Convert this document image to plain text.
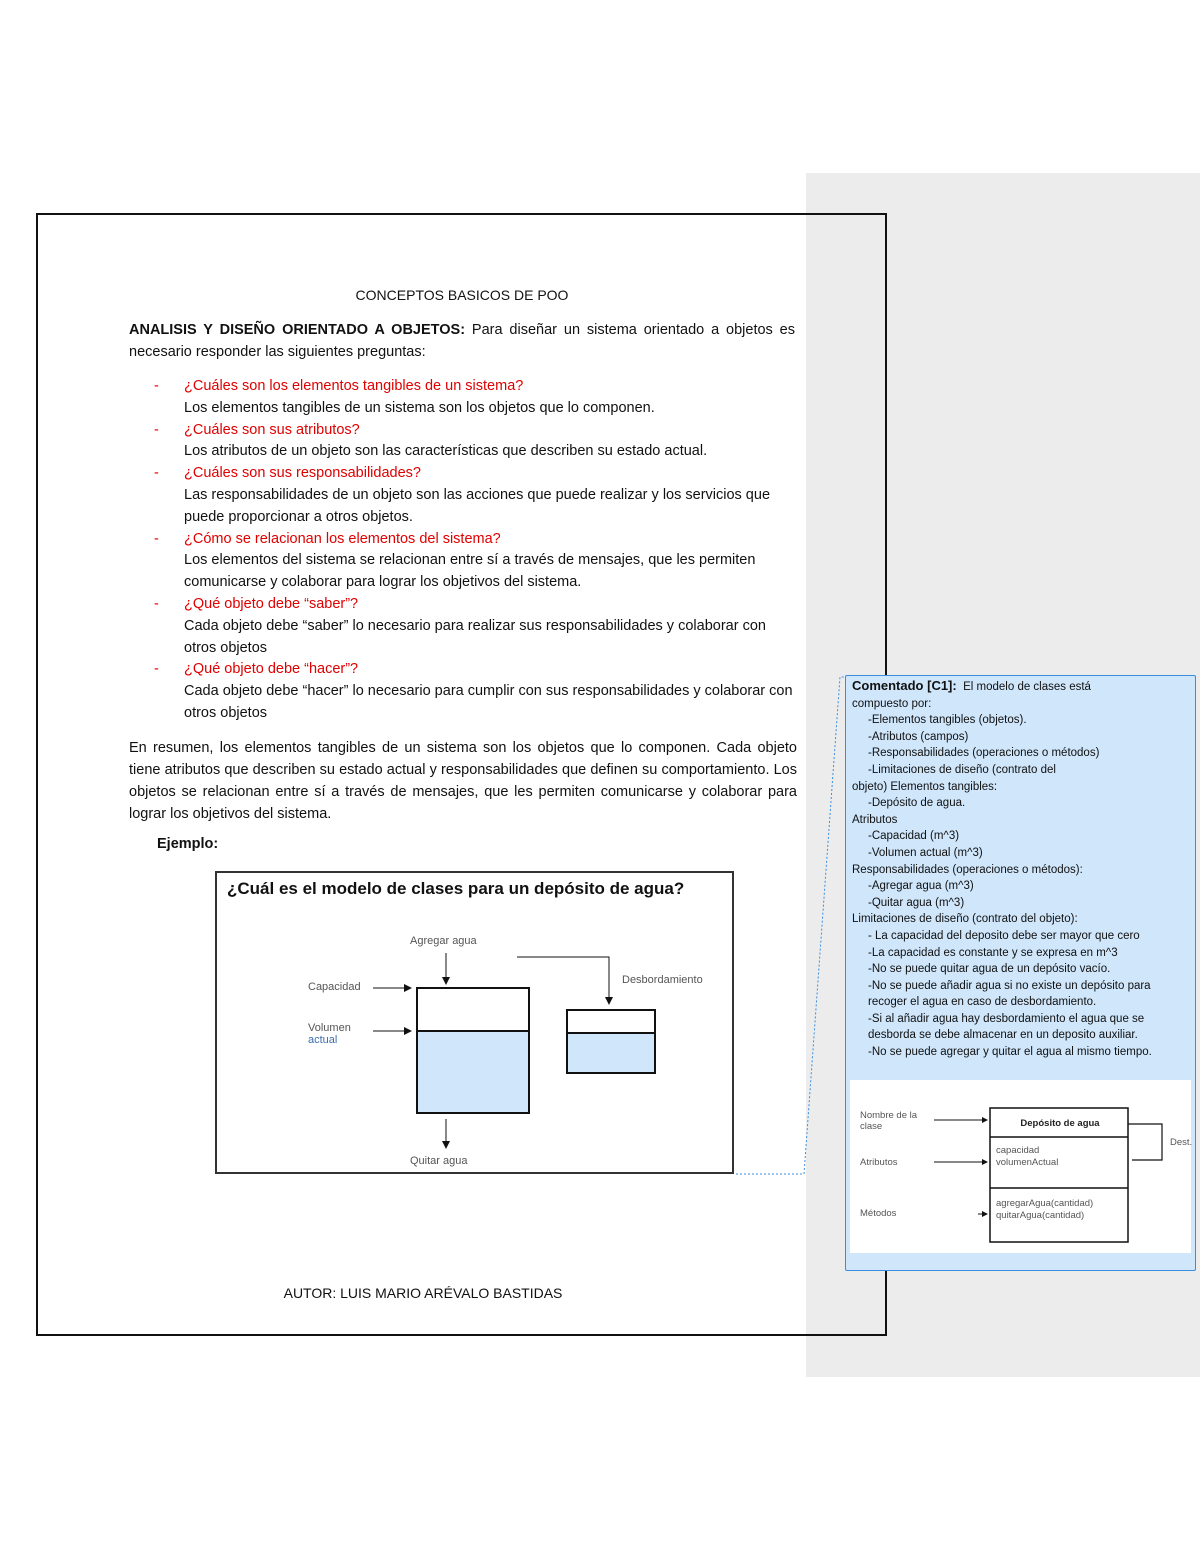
CONCEPTOS BASICOS DE POO
ANALISIS Y DISEÑO ORIENTADO A OBJETOS: Para diseñar un sistema orientado a objetos es necesario responder las siguientes preguntas:
- ¿Cuáles son los elementos tangibles de un sistema?
Los elementos tangibles de un sistema son los objetos que lo componen.
- ¿Cuáles son sus atributos?
Los atributos de un objeto son las características que describen su estado actual.
- ¿Cuáles son sus responsabilidades?
Las responsabilidades de un objeto son las acciones que puede realizar y los servicios que puede proporcionar a otros objetos.
- ¿Cómo se relacionan los elementos del sistema?
Los elementos del sistema se relacionan entre sí a través de mensajes, que les permiten comunicarse y colaborar para lograr los objetivos del sistema.
- ¿Qué objeto debe “saber”?
Cada objeto debe “saber” lo necesario para realizar sus responsabilidades y colaborar con otros objetos
- ¿Qué objeto debe “hacer”?
Cada objeto debe “hacer” lo necesario para cumplir con sus responsabilidades y colaborar con otros objetos
En resumen, los elementos tangibles de un sistema son los objetos que lo componen. Cada objeto tiene atributos que describen su estado actual y responsabilidades que definen su comportamiento. Los objetos se relacionan entre sí a través de mensajes, que les permiten comunicarse y colaborar para lograr los objetivos del sistema.
Ejemplo:
¿Cuál es el modelo de clases para un depósito de agua?
Agregar agua
Capacidad
Volumen
actual
Desbordamiento
Quitar agua
AUTOR: LUIS MARIO ARÉVALO BASTIDAS
Comentado [C1]: El modelo de clases está
compuesto por:
-Elementos tangibles (objetos).
-Atributos (campos)
-Responsabilidades (operaciones o métodos)
-Limitaciones de diseño (contrato del
objeto) Elementos tangibles:
-Depósito de agua.
Atributos
-Capacidad (m^3)
-Volumen actual (m^3)
Responsabilidades (operaciones o métodos):
-Agregar agua (m^3)
-Quitar agua (m^3)
Limitaciones de diseño (contrato del objeto):
- La capacidad del deposito debe ser mayor que cero
-La capacidad es constante y se expresa en m^3
-No se puede quitar agua de un depósito vacío.
-No se puede añadir agua si no existe un depósito para
recoger el agua en caso de desbordamiento.
-Si al añadir agua hay desbordamiento el agua que se
desborda se debe almacenar en un deposito auxiliar.
-No se puede agregar y quitar el agua al mismo tiempo.
Nombre de la clase
Atributos
Métodos
Dest.
Depósito de agua
capacidad
volumenActual
agregarAgua(cantidad)
quitarAgua(cantidad)
